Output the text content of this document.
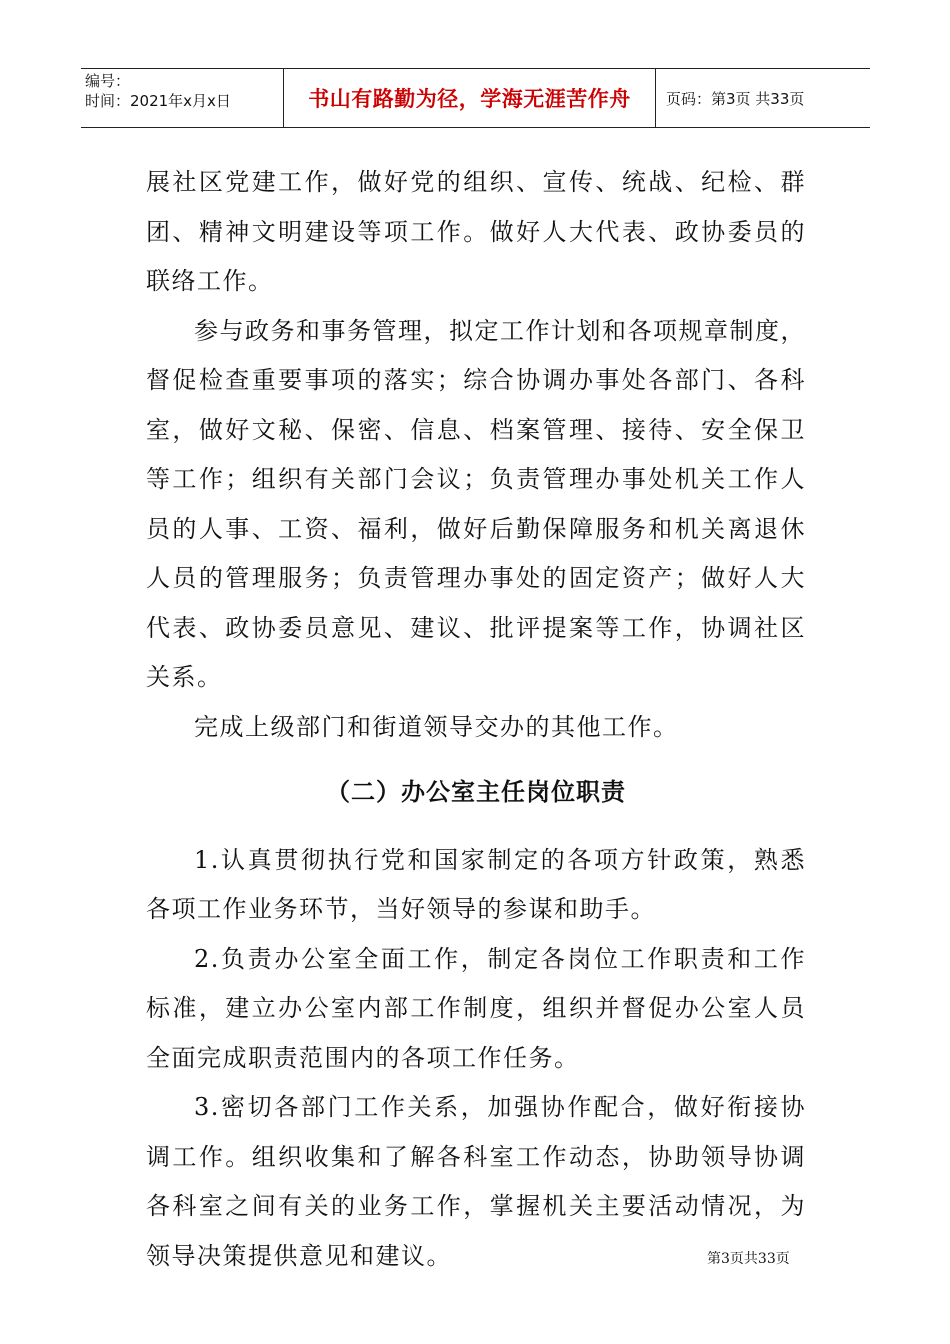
编号：
时间：2021年x月x日	书山有路勤为径，学海无涯苦作舟 页码：第3页 共33页

展社区党建工作，做好党的组织、宣传、统战、纪检、群团、精神文明建设等项工作。做好人大代表、政协委员的联络工作。

参与政务和事务管理，拟定工作计划和各项规章制度，督促检查重要事项的落实；综合协调办事处各部门、各科室，做好文秘、保密、信息、档案管理、接待、安全保卫等工作；组织有关部门会议；负责管理办事处机关工作人员的人事、工资、福利，做好后勤保障服务和机关离退休人员的管理服务；负责管理办事处的固定资产；做好人大代表、政协委员意见、建议、批评提案等工作，协调社区关系。

完成上级部门和街道领导交办的其他工作。

（二）办公室主任岗位职责

1.认真贯彻执行党和国家制定的各项方针政策，熟悉各项工作业务环节，当好领导的参谋和助手。

2.负责办公室全面工作，制定各岗位工作职责和工作标准，建立办公室内部工作制度，组织并督促办公室人员全面完成职责范围内的各项工作任务。

3.密切各部门工作关系，加强协作配合，做好衔接协调工作。组织收集和了解各科室工作动态，协助领导协调各科室之间有关的业务工作，掌握机关主要活动情况，为领导决策提供意见和建议。	第3页共33页
